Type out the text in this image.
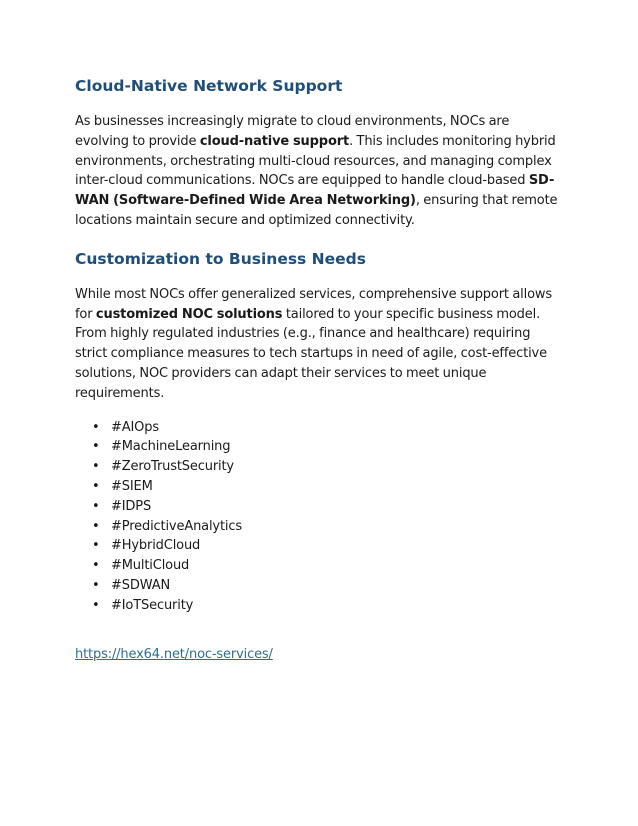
Cloud-Native Network Support

As businesses increasingly migrate to cloud environments, NOCs are evolving to provide cloud-native support. This includes monitoring hybrid environments, orchestrating multi-cloud resources, and managing complex inter-cloud communications. NOCs are equipped to handle cloud-based SD-WAN (Software-Defined Wide Area Networking), ensuring that remote locations maintain secure and optimized connectivity.

Customization to Business Needs

While most NOCs offer generalized services, comprehensive support allows for customized NOC solutions tailored to your specific business model. From highly regulated industries (e.g., finance and healthcare) requiring strict compliance measures to tech startups in need of agile, cost-effective solutions, NOC providers can adapt their services to meet unique requirements.

• #AIOps
• #MachineLearning
• #ZeroTrustSecurity
• #SIEM
• #IDPS
• #PredictiveAnalytics
• #HybridCloud
• #MultiCloud
• #SDWAN
• #IoTSecurity
https://hex64.net/noc-services/
